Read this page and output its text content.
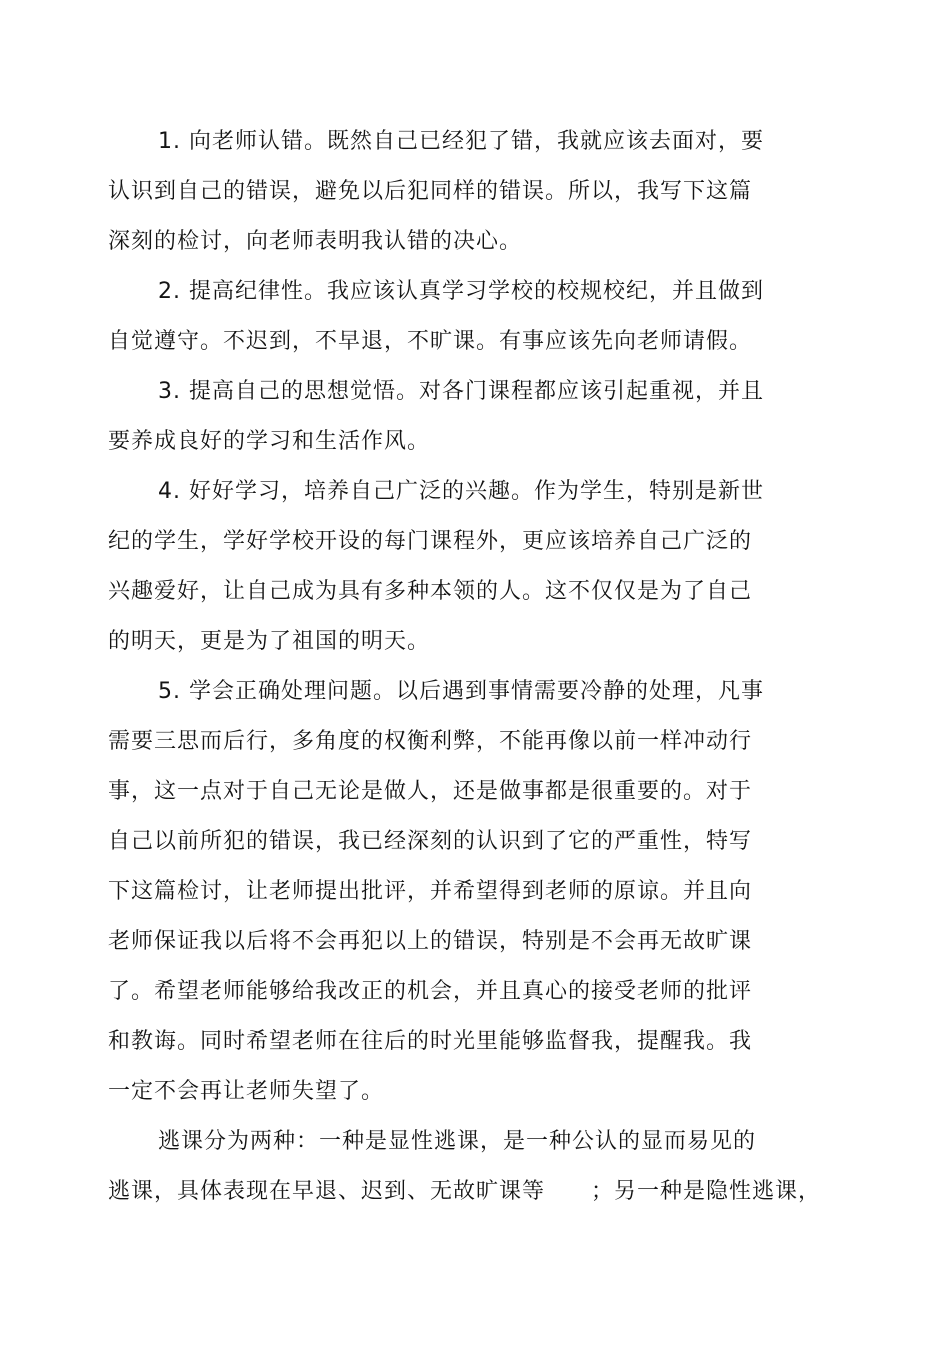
1. 向老师认错。既然自己已经犯了错，我就应该去面对，要

认识到自己的错误，避免以后犯同样的错误。所以，我写下这篇

深刻的检讨，向老师表明我认错的决心。

2. 提高纪律性。我应该认真学习学校的校规校纪，并且做到

自觉遵守。不迟到，不早退，不旷课。有事应该先向老师请假。

3. 提高自己的思想觉悟。对各门课程都应该引起重视，并且

要养成良好的学习和生活作风。

4. 好好学习，培养自己广泛的兴趣。作为学生，特别是新世

纪的学生，学好学校开设的每门课程外，更应该培养自己广泛的

兴趣爱好，让自己成为具有多种本领的人。这不仅仅是为了自己

的明天，更是为了祖国的明天。

5. 学会正确处理问题。以后遇到事情需要冷静的处理，凡事

需要三思而后行，多角度的权衡利弊，不能再像以前一样冲动行

事，这一点对于自己无论是做人，还是做事都是很重要的。对于

自己以前所犯的错误，我已经深刻的认识到了它的严重性，特写

下这篇检讨，让老师提出批评，并希望得到老师的原谅。并且向

老师保证我以后将不会再犯以上的错误，特别是不会再无故旷课

了。希望老师能够给我改正的机会，并且真心的接受老师的批评

和教诲。同时希望老师在往后的时光里能够监督我，提醒我。我

一定不会再让老师失望了。

逃课分为两种：一种是显性逃课，是一种公认的显而易见的

逃课，具体表现在早退、迟到、无故旷课等　　；另一种是隐性逃课，
